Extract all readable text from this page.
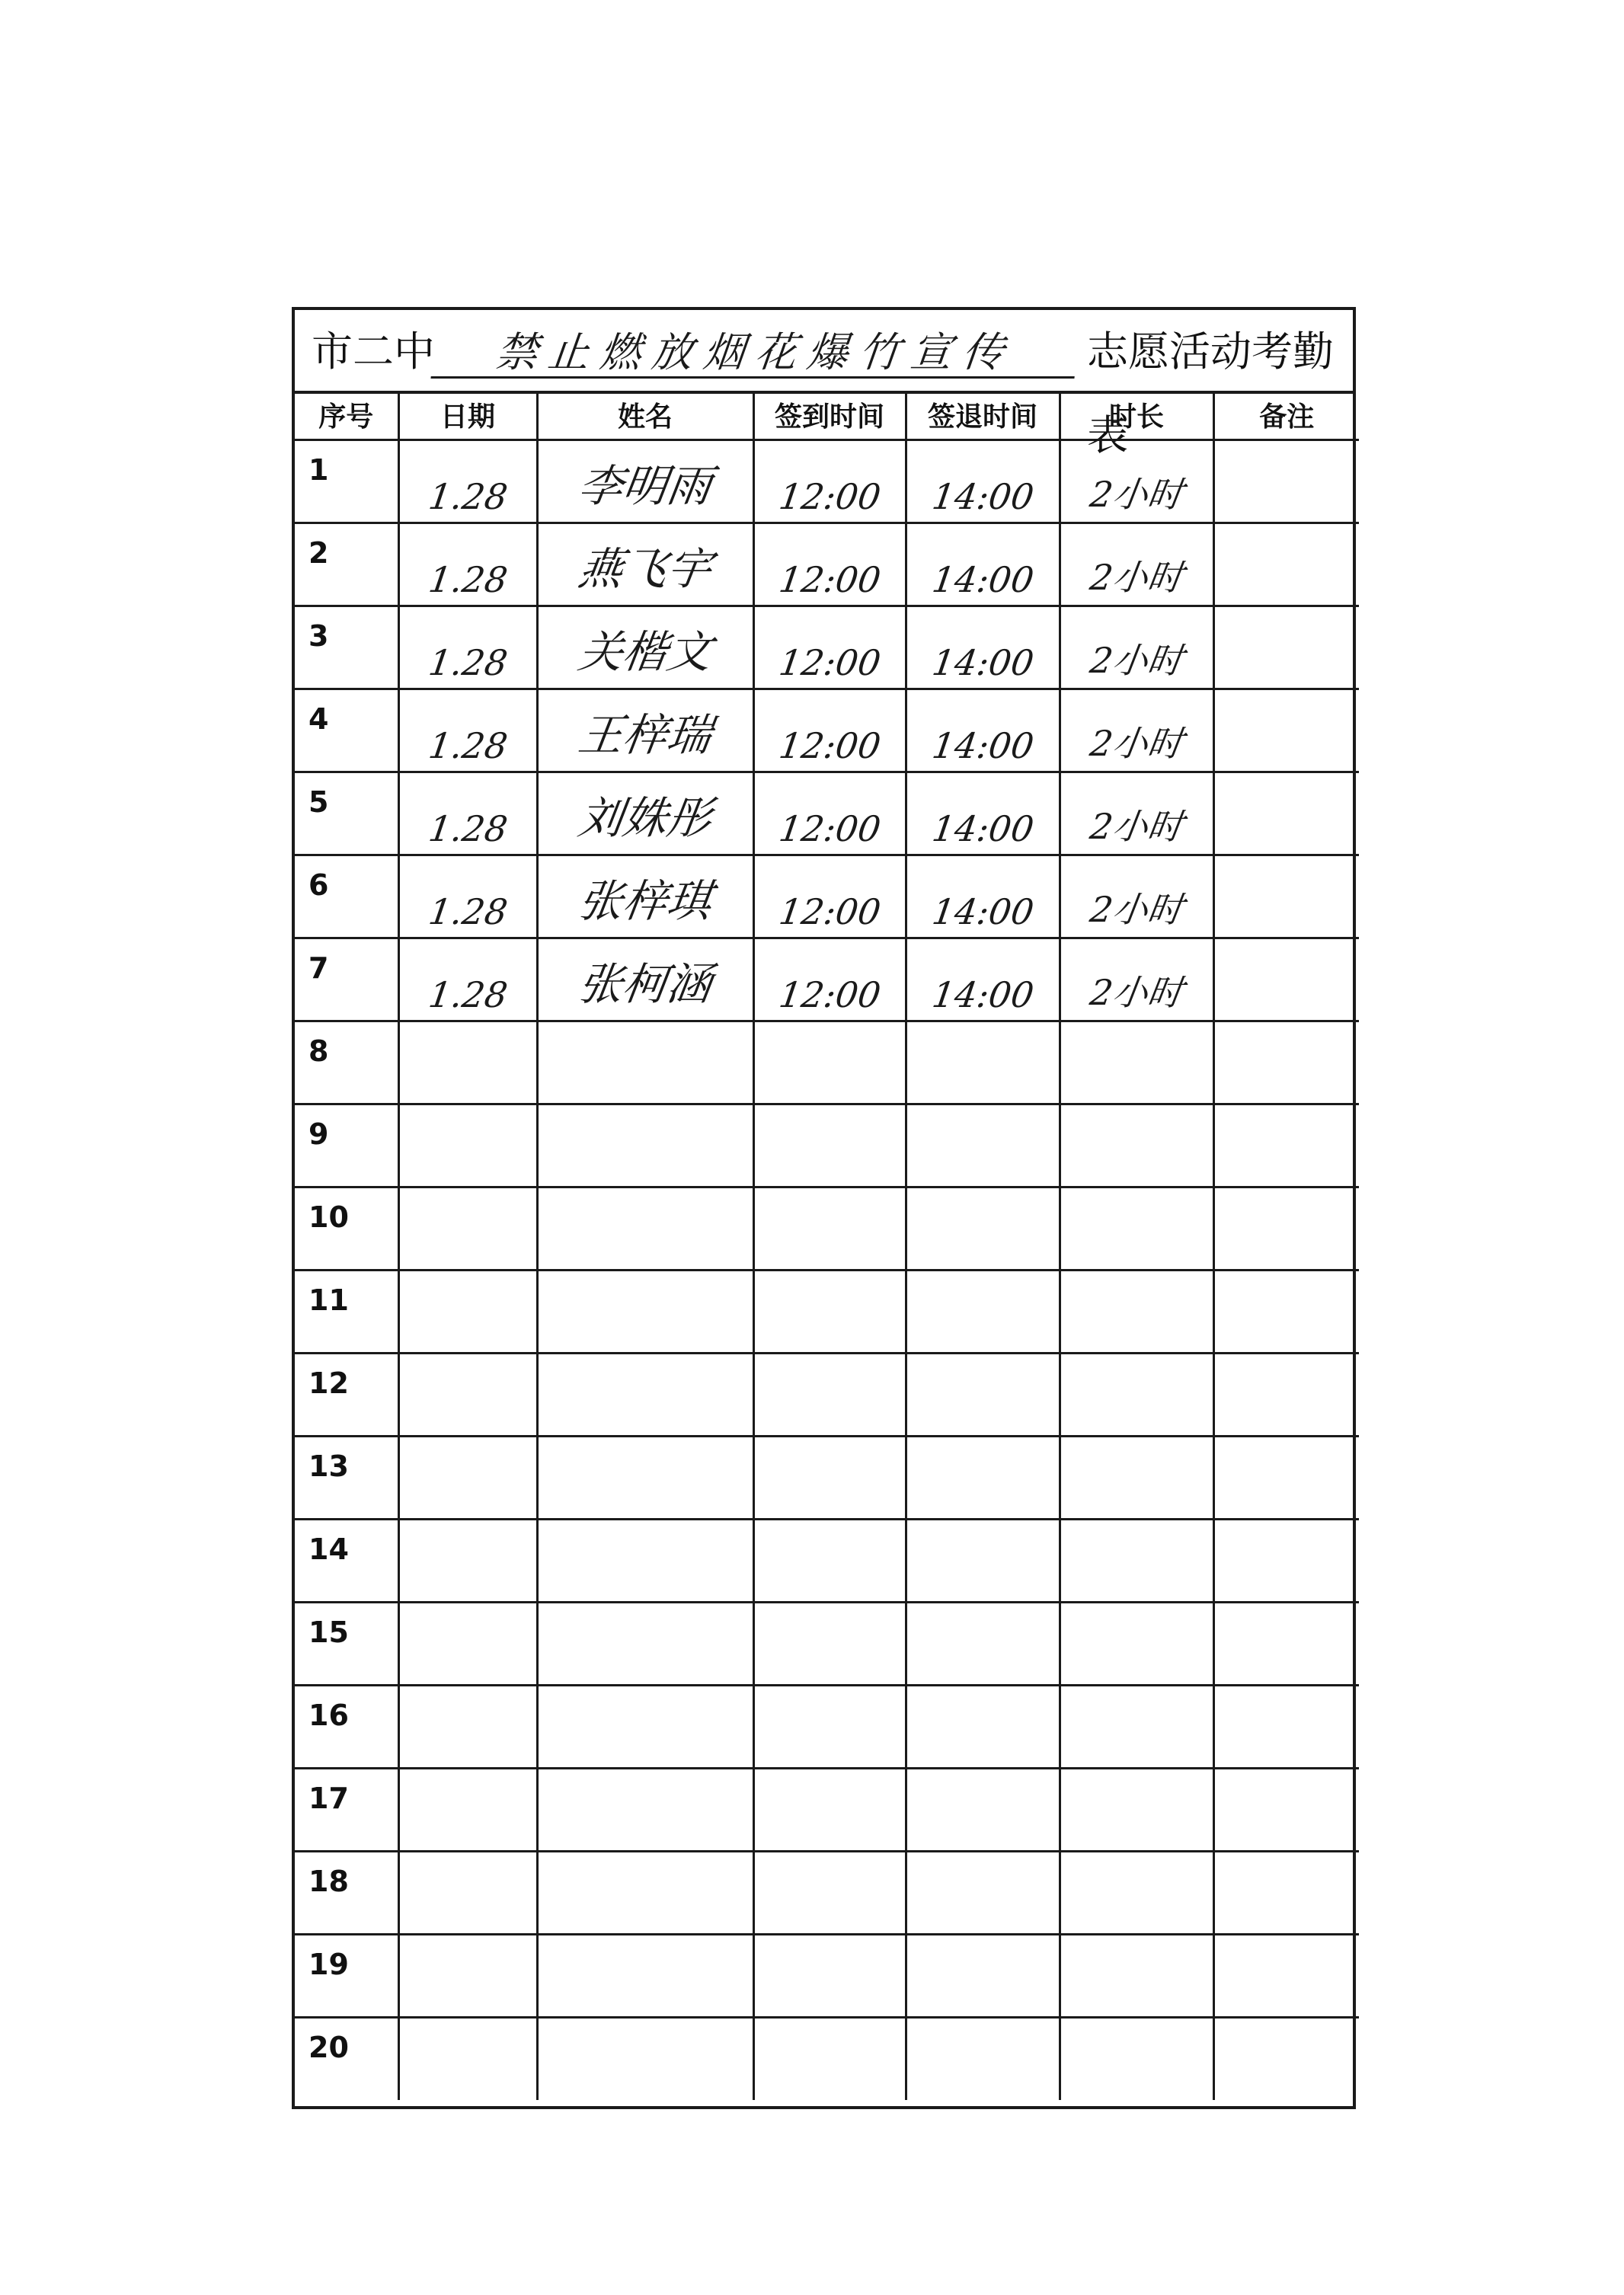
市二中	禁止燃放烟花爆竹宣传	志愿活动考勤表
序号	日期	姓名	签到时间	签退时间	时长	备注

1	1.28	李明雨	12:00	14:00	2小时	

2	1.28	燕飞宇	12:00	14:00	2小时	

3	1.28	关楷文	12:00	14:00	2小时	

4	1.28	王梓瑞	12:00	14:00	2小时	

5	1.28	刘姝彤	12:00	14:00	2小时	

6	1.28	张梓琪	12:00	14:00	2小时	

7	1.28	张柯涵	12:00	14:00	2小时	

8						

9						

10						

11						

12						

13						

14						

15						

16						

17						

18						

19						

20						
